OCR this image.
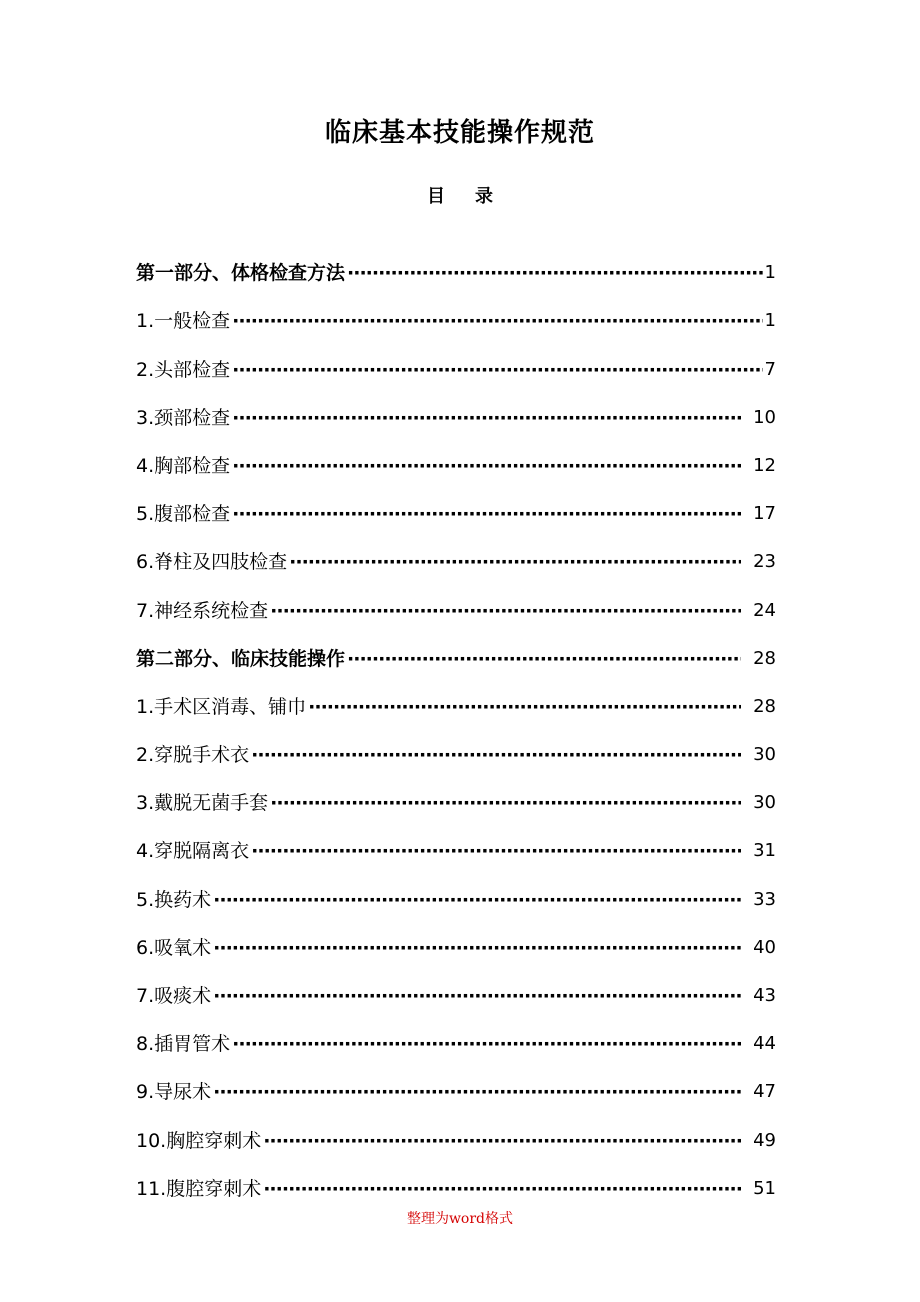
临床基本技能操作规范
目 录
第一部分、体格检查方法 ·····	1
1.一般检查 ·····	1
2.头部检查 ·····	7
3.颈部检查 ·····	10
4.胸部检查 ·····	12
5.腹部检查 ·····	17
6.脊柱及四肢检查 ·····	23
7.神经系统检查 ·····	24
第二部分、临床技能操作 ·····	28
1.手术区消毒、铺巾 ·····	28
2.穿脱手术衣 ·····	30
3.戴脱无菌手套 ·····	30
4.穿脱隔离衣 ·····	31
5.换药术 ·····	33
6.吸氧术 ·····	40
7.吸痰术 ·····	43
8.插胃管术 ·····	44
9.导尿术 ·····	47
10.胸腔穿刺术 ·····	49
11.腹腔穿刺术 ·····	51
整理为word格式
